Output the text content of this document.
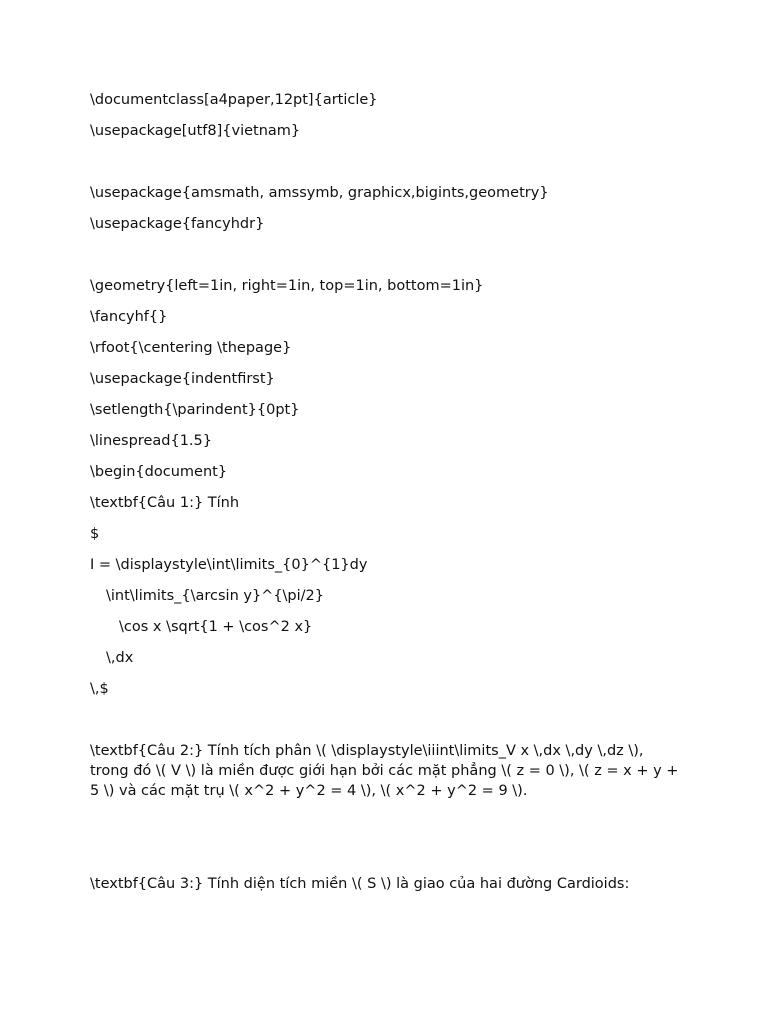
\documentclass[a4paper,12pt]{article}
\usepackage[utf8]{vietnam}
\usepackage{amsmath, amssymb, graphicx,bigints,geometry}
\usepackage{fancyhdr}
\geometry{left=1in, right=1in, top=1in, bottom=1in}
\fancyhf{}
\rfoot{\centering \thepage}
\usepackage{indentfirst}
\setlength{\parindent}{0pt}
\linespread{1.5}
\begin{document}
\textbf{Câu 1:} Tính
$
I = \displaystyle\int\limits_{0}^{1}dy
\int\limits_{\arcsin y}^{\pi/2}
\cos x \sqrt{1 + \cos^2 x}
\,dx
\,$

\textbf{Câu 2:} Tính tích phân \( \displaystyle\iiint\limits_V x \,dx \,dy \,dz \), trong đó \( V \) là miền được giới hạn bởi các mặt phẳng \( z = 0 \), \( z = x + y + 5 \) và các mặt trụ \( x^2 + y^2 = 4 \), \( x^2 + y^2 = 9 \).

\textbf{Câu 3:} Tính diện tích miền \( S \) là giao của hai đường Cardioids:
